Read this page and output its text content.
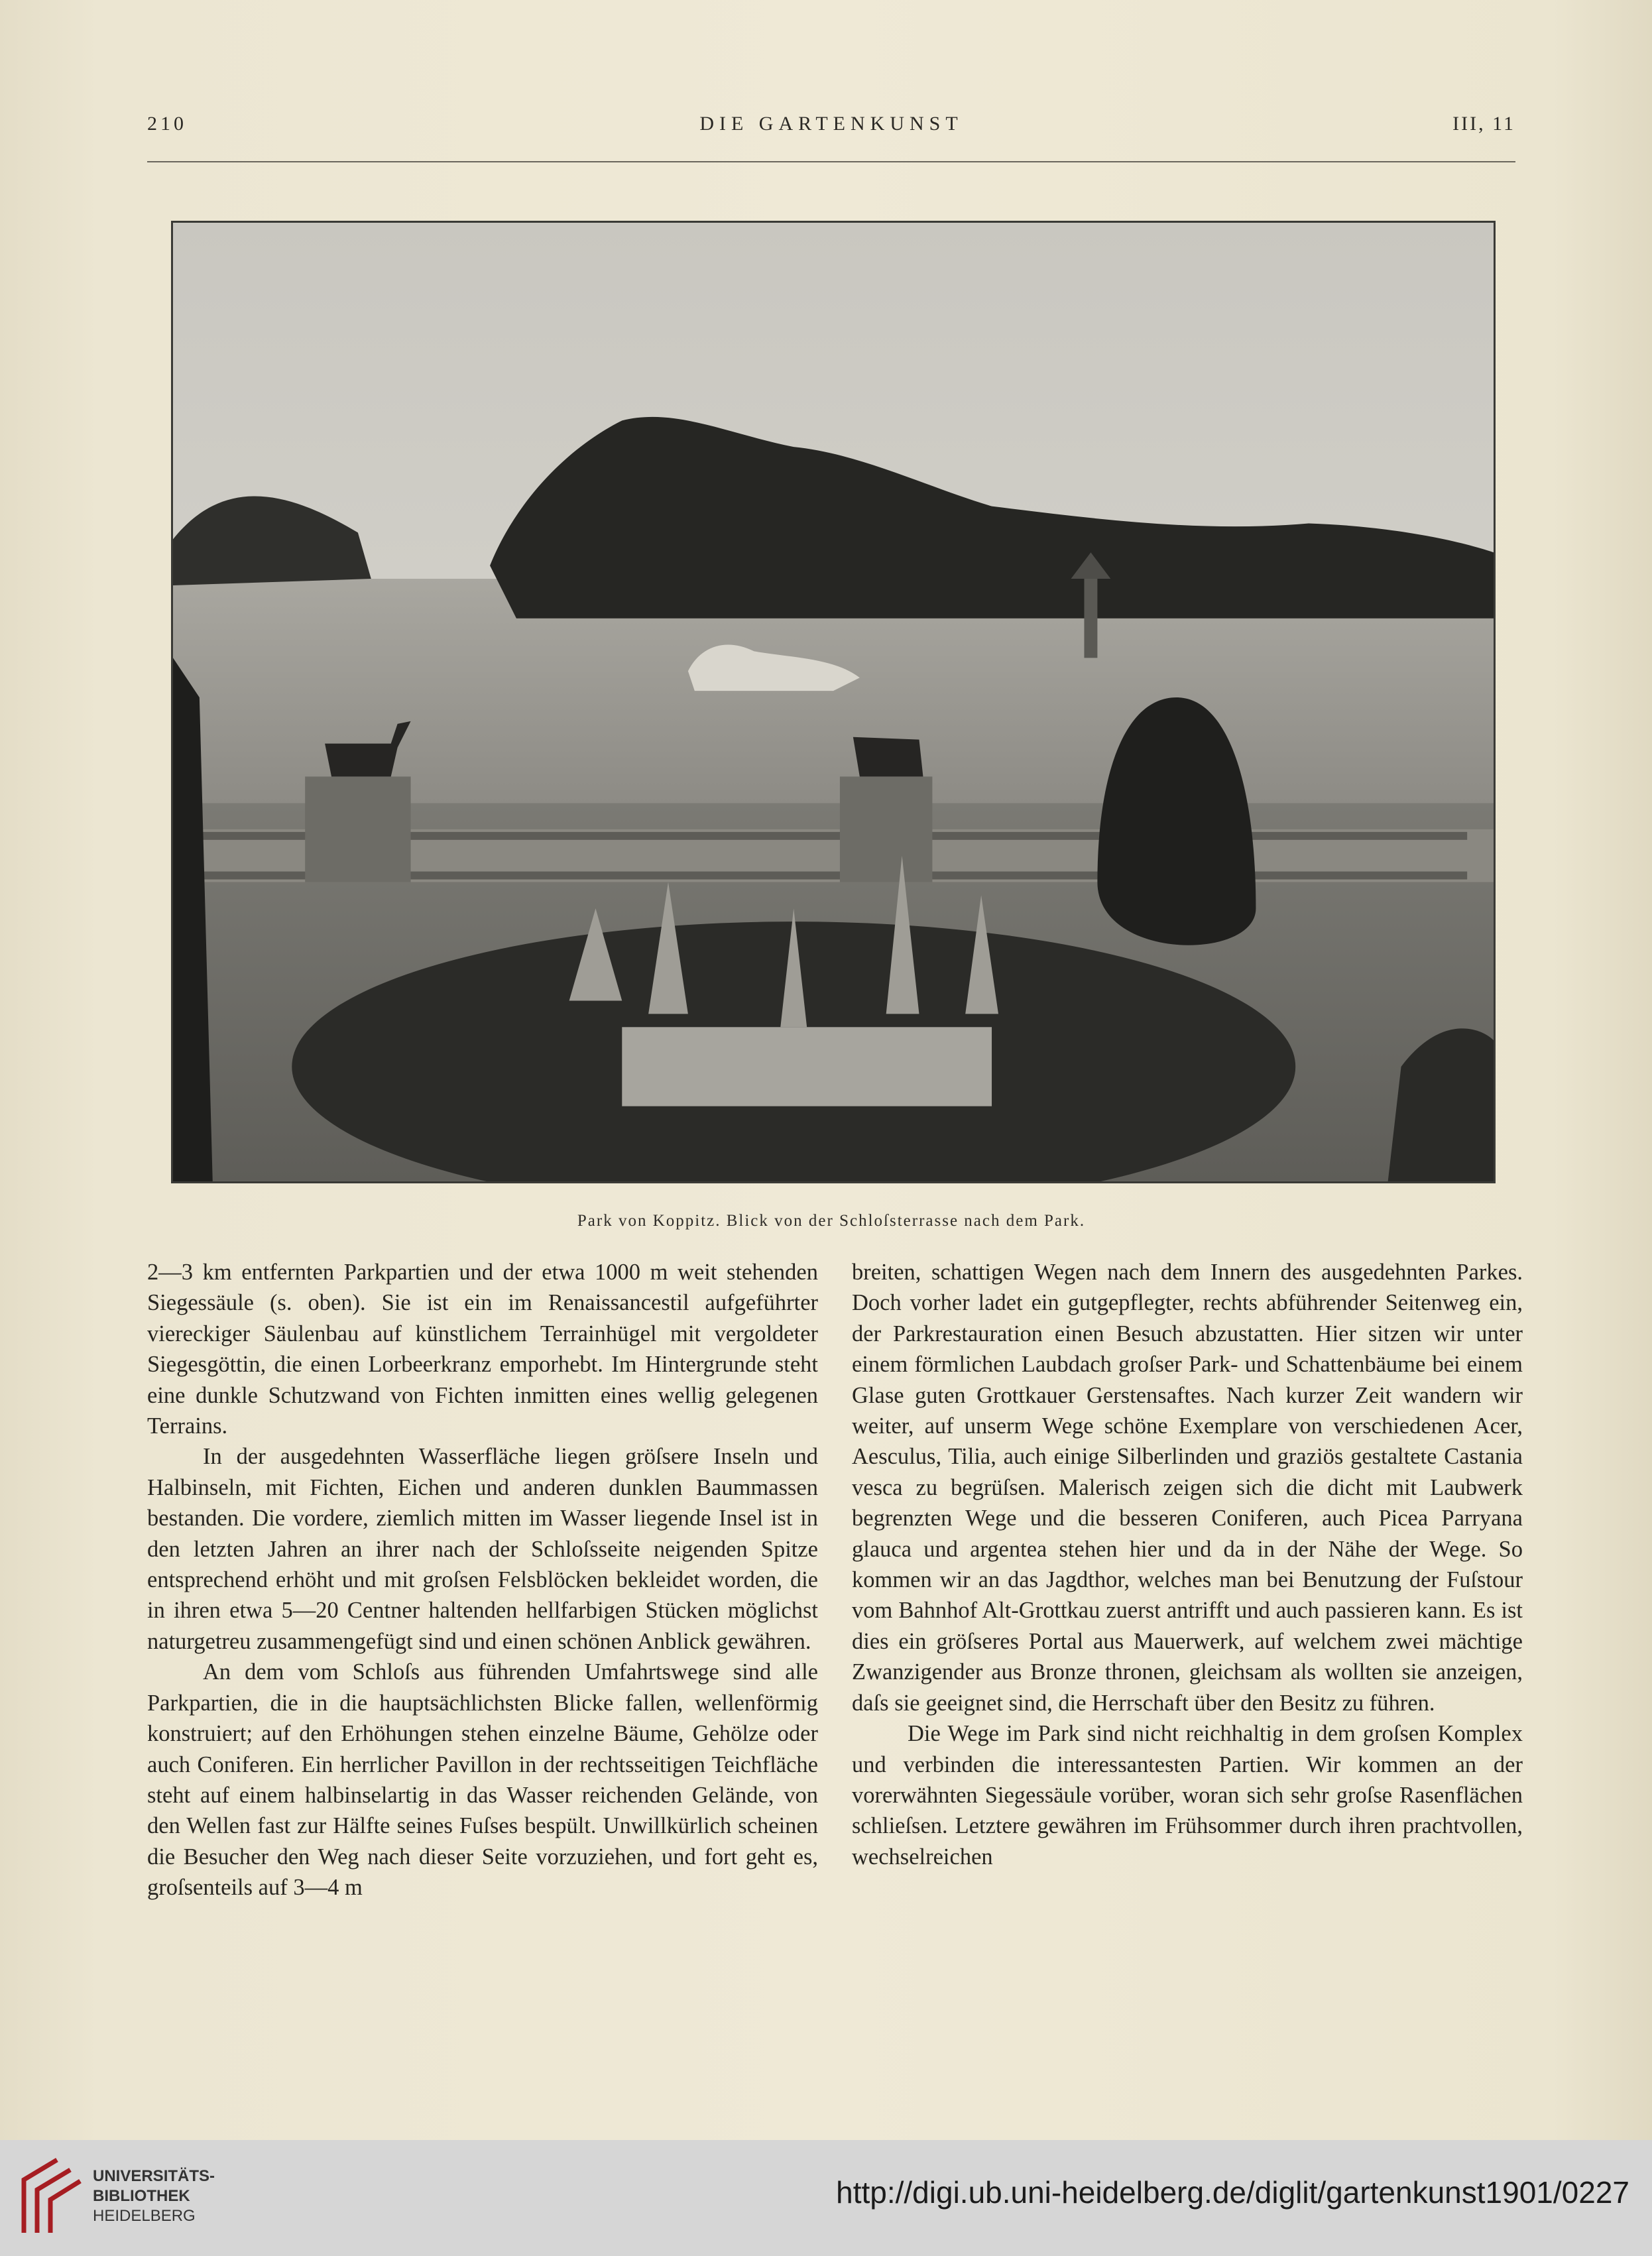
210	DIE GARTENKUNST	III, 11
Park von Koppitz. Blick von der Schloſsterrasse nach dem Park.

2—3 km entfernten Parkpartien und der etwa 1000 m weit stehenden Siegessäule (s. oben). Sie ist ein im Renaissancestil aufgeführter viereckiger Säulenbau auf künstlichem Terrainhügel mit vergoldeter Siegesgöttin, die einen Lorbeerkranz emporhebt. Im Hintergrunde steht eine dunkle Schutzwand von Fichten inmitten eines wellig gelegenen Terrains.

In der ausgedehnten Wasserfläche liegen gröſsere Inseln und Halbinseln, mit Fichten, Eichen und anderen dunklen Baummassen bestanden. Die vordere, ziemlich mitten im Wasser liegende Insel ist in den letzten Jahren an ihrer nach der Schloſsseite neigenden Spitze entsprechend erhöht und mit groſsen Felsblöcken bekleidet worden, die in ihren etwa 5—20 Centner haltenden hellfarbigen Stücken möglichst naturgetreu zusammengefügt sind und einen schönen Anblick gewähren.

An dem vom Schloſs aus führenden Umfahrtswege sind alle Parkpartien, die in die hauptsächlichsten Blicke fallen, wellenförmig konstruiert; auf den Erhöhungen stehen einzelne Bäume, Gehölze oder auch Coniferen. Ein herrlicher Pavillon in der rechtsseitigen Teichfläche steht auf einem halbinselartig in das Wasser reichenden Gelände, von den Wellen fast zur Hälfte seines Fuſses bespült. Unwillkürlich scheinen die Besucher den Weg nach dieser Seite vorzuziehen, und fort geht es, groſsenteils auf 3—4 m

breiten, schattigen Wegen nach dem Innern des ausgedehnten Parkes. Doch vorher ladet ein gutgepflegter, rechts abführender Seitenweg ein, der Parkrestauration einen Besuch abzustatten. Hier sitzen wir unter einem förmlichen Laubdach groſser Park- und Schattenbäume bei einem Glase guten Grottkauer Gerstensaftes. Nach kurzer Zeit wandern wir weiter, auf unserm Wege schöne Exemplare von verschiedenen Acer, Aesculus, Tilia, auch einige Silberlinden und graziös gestaltete Castania vesca zu begrüſsen. Malerisch zeigen sich die dicht mit Laubwerk begrenzten Wege und die besseren Coniferen, auch Picea Parryana glauca und argentea stehen hier und da in der Nähe der Wege. So kommen wir an das Jagdthor, welches man bei Benutzung der Fuſstour vom Bahnhof Alt-Grottkau zuerst antrifft und auch passieren kann. Es ist dies ein gröſseres Portal aus Mauerwerk, auf welchem zwei mächtige Zwanzigender aus Bronze thronen, gleichsam als wollten sie anzeigen, daſs sie geeignet sind, die Herrschaft über den Besitz zu führen.

Die Wege im Park sind nicht reichhaltig in dem groſsen Komplex und verbinden die interessantesten Partien. Wir kommen an der vorerwähnten Siegessäule vorüber, woran sich sehr groſse Rasenflächen schlieſsen. Letztere gewähren im Frühsommer durch ihren prachtvollen, wechselreichen

UNIVERSITÄTS-
BIBLIOTHEK
HEIDELBERG
http://digi.ub.uni-heidelberg.de/diglit/gartenkunst1901/0227
